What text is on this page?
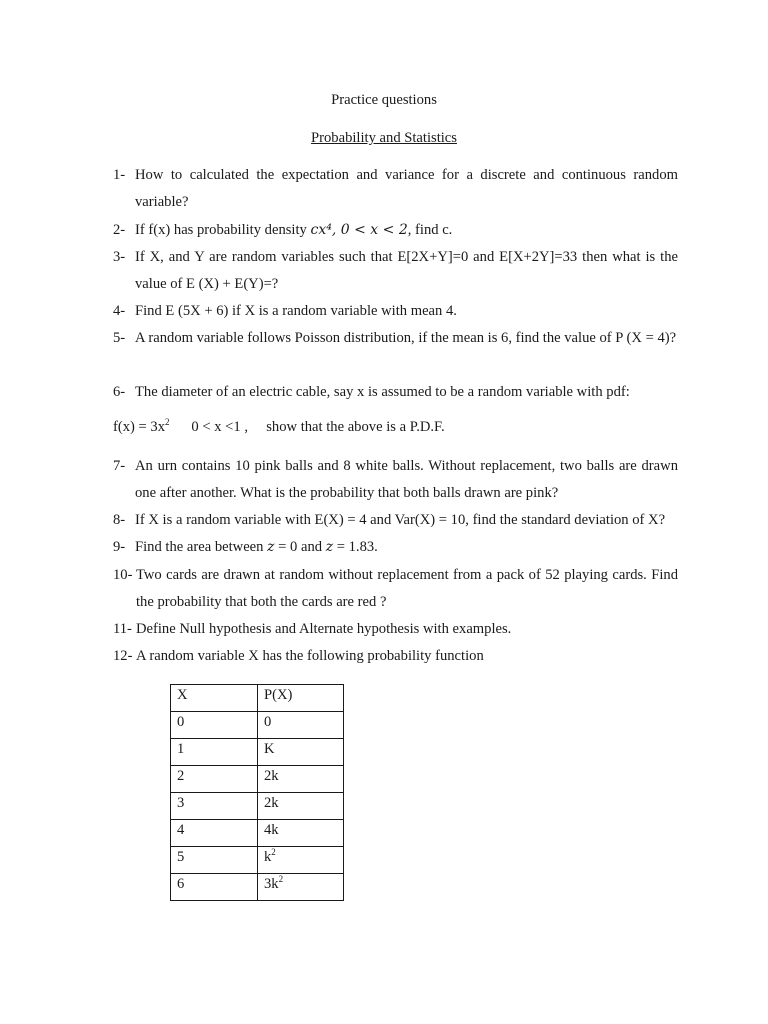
Practice questions
Probability and Statistics
1- How to calculated the expectation and variance for a discrete and continuous random variable?
2- If f(x) has probability density cx⁴, 0 < x < 2, find c.
3- If X, and Y are random variables such that E[2X+Y]=0 and E[X+2Y]=33 then what is the value of E (X) + E(Y)=?
4- Find E (5X + 6) if X is a random variable with mean 4.
5- A random variable follows Poisson distribution, if the mean is 6, find the value of P (X = 4)?
6- The diameter of an electric cable, say x is assumed to be a random variable with pdf:
$f(x) = 3x^2$ 0 < x <1 , show that the above is a P.D.F.
7- An urn contains 10 pink balls and 8 white balls. Without replacement, two balls are drawn one after another. What is the probability that both balls drawn are pink?
8- If X is a random variable with E(X) = 4 and Var(X) = 10, find the standard deviation of X?
9- Find the area between z = 0 and z = 1.83.
10- Two cards are drawn at random without replacement from a pack of 52 playing cards. Find the probability that both the cards are red ?
11- Define Null hypothesis and Alternate hypothesis with examples.
12- A random variable X has the following probability function
X	P(X)
0	0
1	K
2	2k
3	2k
4	4k
5	$k^2$
6	$3k^2$
